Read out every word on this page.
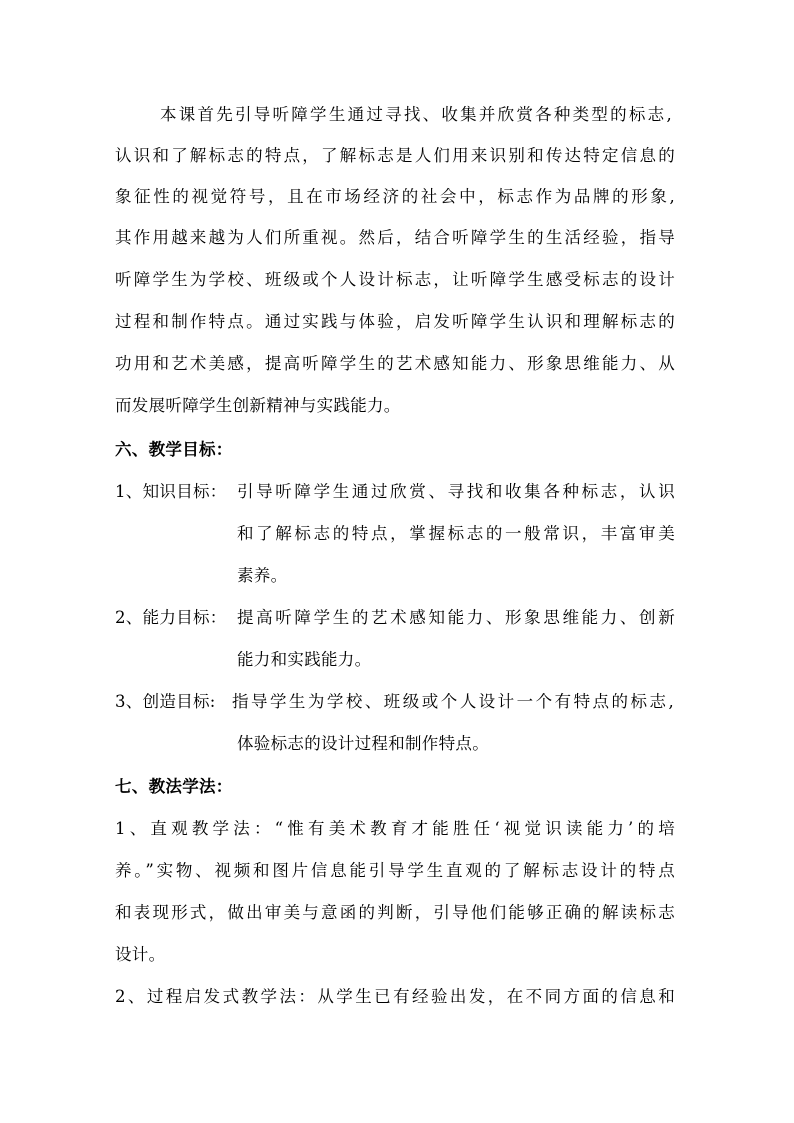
本课首先引导听障学生通过寻找、收集并欣赏各种类型的标志,
认识和了解标志的特点，了解标志是人们用来识别和传达特定信息的
象征性的视觉符号，且在市场经济的社会中，标志作为品牌的形象,
其作用越来越为人们所重视。然后，结合听障学生的生活经验，指导
听障学生为学校、班级或个人设计标志，让听障学生感受标志的设计
过程和制作特点。通过实践与体验，启发听障学生认识和理解标志的
功用和艺术美感，提高听障学生的艺术感知能力、形象思维能力、从
而发展听障学生创新精神与实践能力。
六、教学目标：
1、知识目标： 引导听障学生通过欣赏、寻找和收集各种标志，认识
和了解标志的特点，掌握标志的一般常识，丰富审美
素养。
2、能力目标： 提高听障学生的艺术感知能力、形象思维能力、创新
能力和实践能力。
3、创造目标: 指导学生为学校、班级或个人设计一个有特点的标志,
体验标志的设计过程和制作特点。
七、教法学法：
1、直观教学法：“惟有美术教育才能胜任‘视觉识读能力’的培
养。”实物、视频和图片信息能引导学生直观的了解标志设计的特点
和表现形式，做出审美与意函的判断，引导他们能够正确的解读标志
设计。
2、过程启发式教学法：从学生已有经验出发，在不同方面的信息和
